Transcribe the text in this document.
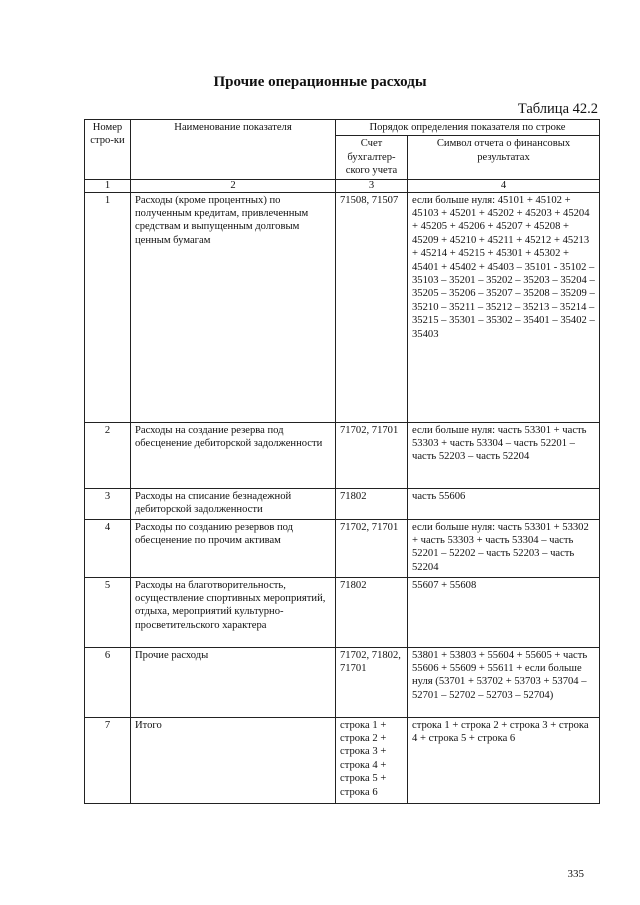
Прочие операционные расходы
Таблица 42.2
Номер стро-ки	Наименование показателя	Порядок определения показателя по строке	
		Счет бухгалтер-ского учета	Символ отчета о финансовых результатах
1	2	3	4
1	Расходы (кроме процентных) по полученным кредитам, привлеченным средствам и выпущенным долговым ценным бумагам	71508, 71507	если больше нуля: 45101 + 45102 + 45103 + 45201 + 45202 + 45203 + 45204 + 45205 + 45206 + 45207 + 45208 + 45209 + 45210 + 45211 + 45212 + 45213 + 45214 + 45215 + 45301 + 45302 + 45401 + 45402 + 45403 – 35101 - 35102 – 35103 – 35201 – 35202 – 35203 – 35204 – 35205 – 35206 – 35207 – 35208 – 35209 – 35210 – 35211 – 35212 – 35213 – 35214 – 35215 – 35301 – 35302 – 35401 – 35402 – 35403
2	Расходы на создание резерва под обесценение дебиторской задолженности	71702, 71701	если больше нуля: часть 53301 + часть 53303 + часть 53304 – часть 52201 – часть 52203 – часть 52204
3	Расходы на списание безнадежной дебиторской задолженности	71802	часть 55606
4	Расходы по созданию резервов под обесценение по прочим активам	71702, 71701	если больше нуля: часть 53301 + 53302 + часть 53303 + часть 53304 – часть 52201 – 52202 – часть 52203 – часть 52204
5	Расходы на благотворительность, осуществление спортивных мероприятий, отдыха, мероприятий культурно-просветительского характера	71802	55607 + 55608
6	Прочие расходы	71702, 71802, 71701	53801 + 53803 + 55604 + 55605 + часть 55606 + 55609 + 55611 + если больше нуля (53701 + 53702 + 53703 + 53704 – 52701 – 52702 – 52703 – 52704)
7	Итого	строка 1 + строка 2 + строка 3 + строка 4 + строка 5 + строка 6	строка 1 + строка 2 + строка 3 + строка 4 + строка 5 + строка 6
335
